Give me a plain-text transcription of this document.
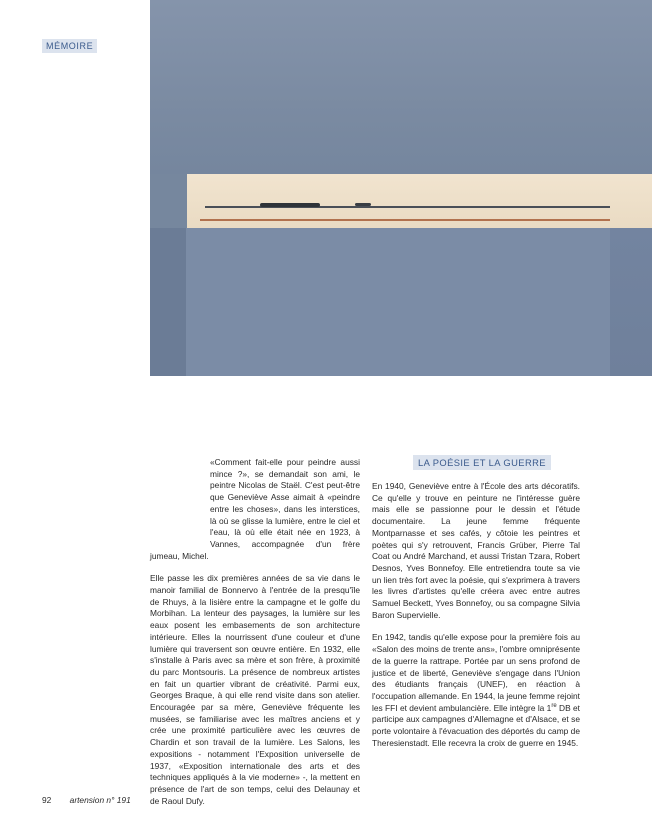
MÉMOIRE

«Comment fait-elle pour peindre aussi mince ?», se demandait son ami, le peintre Nicolas de Staël. C'est peut-être que Geneviève Asse aimait à «peindre entre les choses», dans les interstices, là où se glisse la lumière, entre le ciel et l'eau, là où elle était née en 1923, à Vannes, accompagnée d'un frère jumeau, Michel.

Elle passe les dix premières années de sa vie dans le manoir familial de Bonnervo à l'entrée de la presqu'île de Rhuys, à la lisière entre la campagne et le golfe du Morbihan. La lenteur des paysages, la lumière sur les eaux posent les embasements de son architecture intérieure. Elles la nourrissent d'une couleur et d'une lumière qui traversent son œuvre entière. En 1932, elle s'installe à Paris avec sa mère et son frère, à proximité du parc Montsouris. La présence de nombreux artistes en fait un quartier vibrant de créativité. Parmi eux, Georges Braque, à qui elle rend visite dans son atelier. Encouragée par sa mère, Geneviève fréquente les musées, se familiarise avec les maîtres anciens et y crée une proximité particulière avec les œuvres de Chardin et son travail de la lumière. Les Salons, les expositions - notamment l'Exposition universelle de 1937, «Exposition internationale des arts et des techniques appliqués à la vie moderne» -, la mettent en présence de l'art de son temps, celui des Delaunay et de Raoul Dufy.

LA POÉSIE ET LA GUERRE

En 1940, Geneviève entre à l'École des arts décoratifs. Ce qu'elle y trouve en peinture ne l'intéresse guère mais elle se passionne pour le dessin et l'étude documentaire. La jeune femme fréquente Montparnasse et ses cafés, y côtoie les peintres et poètes qui s'y retrouvent, Francis Grüber, Pierre Tal Coat ou André Marchand, et aussi Tristan Tzara, Robert Desnos, Yves Bonnefoy. Elle entretiendra toute sa vie un lien très fort avec la poésie, qui s'exprimera à travers les livres d'artistes qu'elle créera avec entre autres Samuel Beckett, Yves Bonnefoy, ou sa compagne Silvia Baron Supervielle.

En 1942, tandis qu'elle expose pour la première fois au «Salon des moins de trente ans», l'ombre omniprésente de la guerre la rattrape. Portée par un sens profond de justice et de liberté, Geneviève s'engage dans l'Union des étudiants français (UNEF), en réaction à l'occupation allemande. En 1944, la jeune femme rejoint les FFI et devient ambulancière. Elle intègre la 1re DB et participe aux campagnes d'Allemagne et d'Alsace, et se porte volontaire à l'évacuation des déportés du camp de Theresienstadt. Elle recevra la croix de guerre en 1945.

92 artension n° 191
